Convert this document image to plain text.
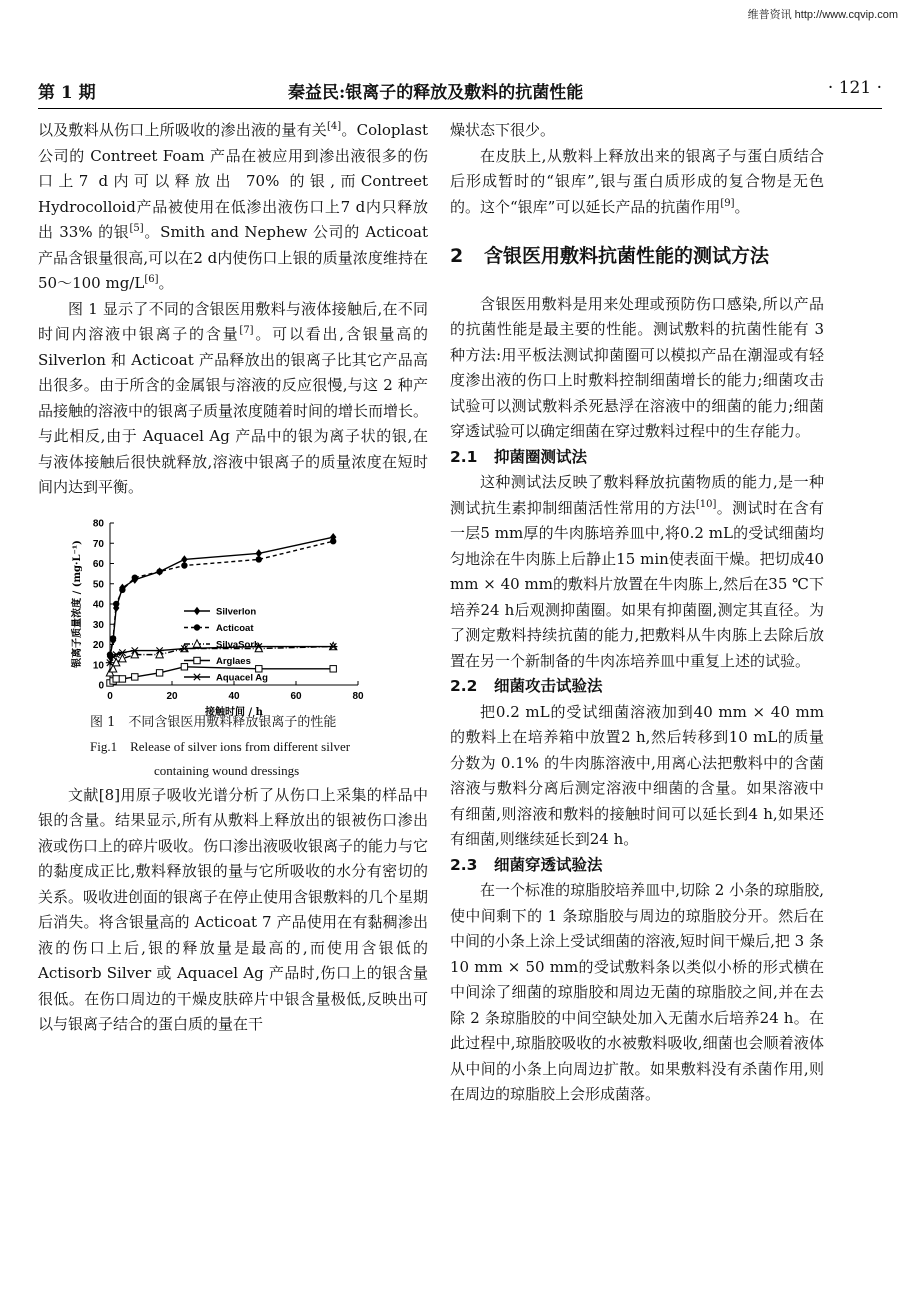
维普资讯 http://www.cqvip.com
第 1 期	秦益民:银离子的释放及敷料的抗菌性能	· 121 ·

以及敷料从伤口上所吸收的渗出液的量有关[4]。Coloplast公司的 Contreet Foam 产品在被应用到渗出液很多的伤口上7 d内可以释放出 70% 的银,而Contreet Hydrocolloid产品被使用在低渗出液伤口上7 d内只释放出 33% 的银[5]。Smith and Nephew 公司的 Acticoat 产品含银量很高,可以在2 d内使伤口上银的质量浓度维持在 50～100 mg/L[6]。

图 1 显示了不同的含银医用敷料与液体接触后,在不同时间内溶液中银离子的含量[7]。可以看出,含银量高的 Silverlon 和 Acticoat 产品释放出的银离子比其它产品高出很多。由于所含的金属银与溶液的反应很慢,与这 2 种产品接触的溶液中的银离子质量浓度随着时间的增长而增长。与此相反,由于 Aquacel Ag 产品中的银为离子状的银,在与液体接触后很快就释放,溶液中银离子的质量浓度在短时间内达到平衡。

0	20	40	60	80
0
10
20
30
40
50
60
70
80
接触时间 / h
银离子质量浓度 / (mg·L⁻¹)	Silverlon
Acticoat
SilvaSorb
Arglaes
Aquacel Ag
图 1　不同含银医用敷料释放银离子的性能
Fig.1　Release of silver ions from different silver
containing wound dressings

文献[8]用原子吸收光谱分析了从伤口上采集的样品中银的含量。结果显示,所有从敷料上释放出的银被伤口渗出液或伤口上的碎片吸收。伤口渗出液吸收银离子的能力与它的黏度成正比,敷料释放银的量与它所吸收的水分有密切的关系。吸收进创面的银离子在停止使用含银敷料的几个星期后消失。将含银量高的 Acticoat 7 产品使用在有黏稠渗出液的伤口上后,银的释放量是最高的,而使用含银低的 Actisorb Silver 或 Aquacel Ag 产品时,伤口上的银含量很低。在伤口周边的干燥皮肤碎片中银含量极低,反映出可以与银离子结合的蛋白质的量在干

燥状态下很少。

在皮肤上,从敷料上释放出来的银离子与蛋白质结合后形成暂时的“银库”,银与蛋白质形成的复合物是无色的。这个“银库”可以延长产品的抗菌作用[9]。

2 含银医用敷料抗菌性能的测试方法

含银医用敷料是用来处理或预防伤口感染,所以产品的抗菌性能是最主要的性能。测试敷料的抗菌性能有 3 种方法:用平板法测试抑菌圈可以模拟产品在潮湿或有轻度渗出液的伤口上时敷料控制细菌增长的能力;细菌攻击试验可以测试敷料杀死悬浮在溶液中的细菌的能力;细菌穿透试验可以确定细菌在穿过敷料过程中的生存能力。

2.1 抑菌圈测试法

这种测试法反映了敷料释放抗菌物质的能力,是一种测试抗生素抑制细菌活性常用的方法[10]。测试时在含有一层5 mm厚的牛肉胨培养皿中,将0.2 mL的受试细菌均匀地涂在牛肉胨上后静止15 min使表面干燥。把切成40 mm × 40 mm的敷料片放置在牛肉胨上,然后在35 ℃下培养24 h后观测抑菌圈。如果有抑菌圈,测定其直径。为了测定敷料持续抗菌的能力,把敷料从牛肉胨上去除后放置在另一个新制备的牛肉冻培养皿中重复上述的试验。

2.2 细菌攻击试验法

把0.2 mL的受试细菌溶液加到40 mm × 40 mm的敷料上在培养箱中放置2 h,然后转移到10 mL的质量分数为 0.1% 的牛肉胨溶液中,用离心法把敷料中的含菌溶液与敷料分离后测定溶液中细菌的含量。如果溶液中有细菌,则溶液和敷料的接触时间可以延长到4 h,如果还有细菌,则继续延长到24 h。

2.3 细菌穿透试验法

在一个标准的琼脂胶培养皿中,切除 2 小条的琼脂胶,使中间剩下的 1 条琼脂胶与周边的琼脂胶分开。然后在中间的小条上涂上受试细菌的溶液,短时间干燥后,把 3 条10 mm × 50 mm的受试敷料条以类似小桥的形式横在中间涂了细菌的琼脂胶和周边无菌的琼脂胶之间,并在去除 2 条琼脂胶的中间空缺处加入无菌水后培养24 h。在此过程中,琼脂胶吸收的水被敷料吸收,细菌也会顺着液体从中间的小条上向周边扩散。如果敷料没有杀菌作用,则在周边的琼脂胶上会形成菌落。
